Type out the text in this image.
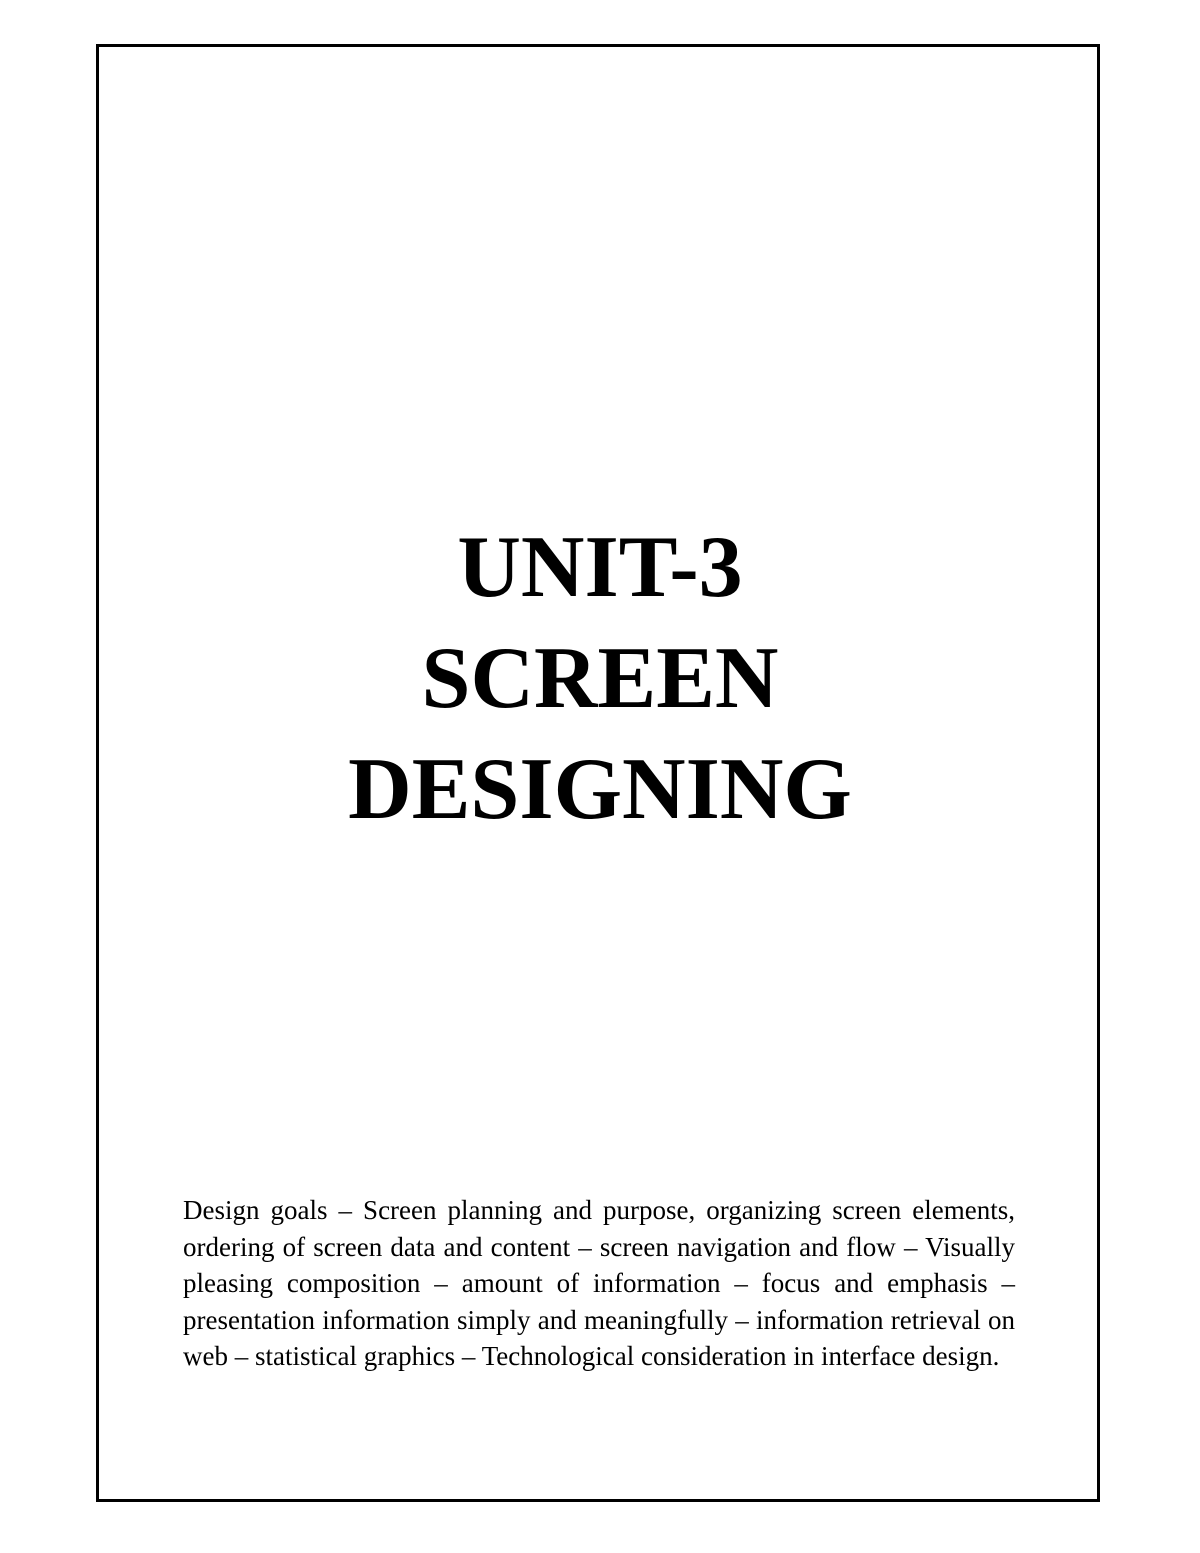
UNIT-3
SCREEN
DESIGNING

Design goals – Screen planning and purpose, organizing screen elements, ordering of screen data and content – screen navigation and flow – Visually pleasing composition – amount of information – focus and emphasis – presentation information simply and meaningfully – information retrieval on web – statistical graphics – Technological consideration in interface design.
